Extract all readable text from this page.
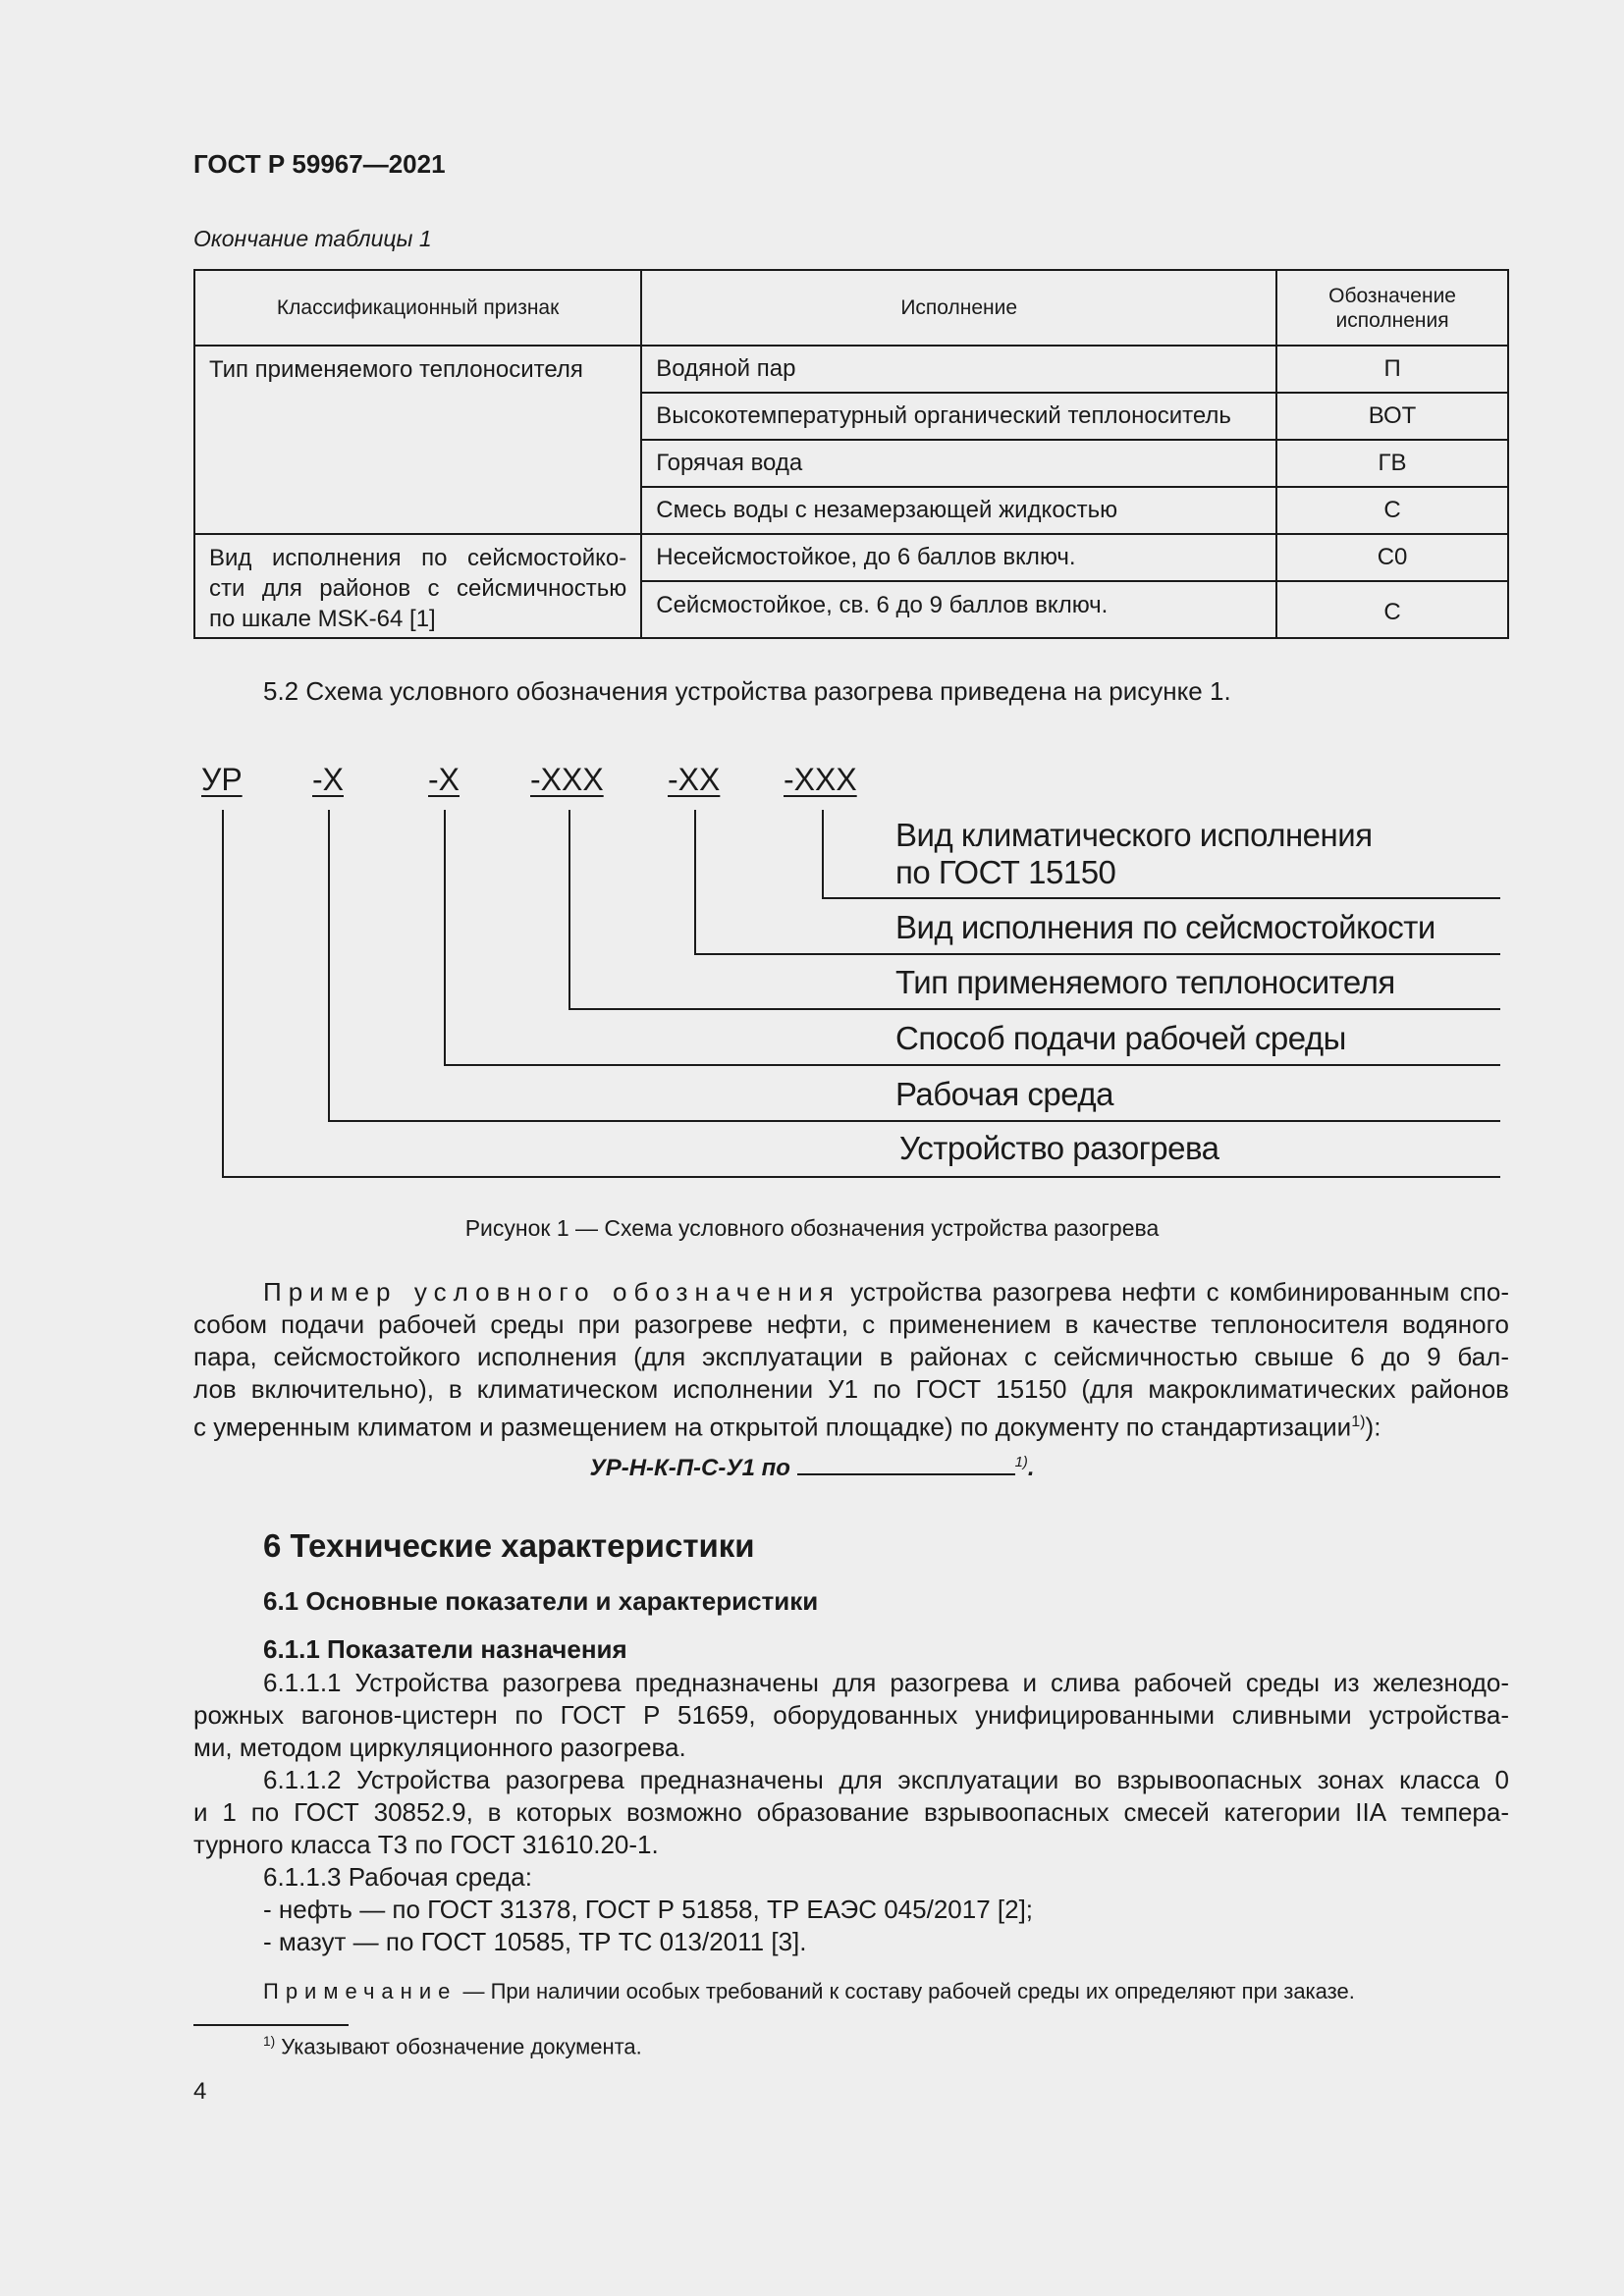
ГОСТ Р 59967—2021
Окончание таблицы 1
Классификационный признак	Исполнение	Обозначение исполнения
Тип применяемого теплоносителя	Водяной пар	П
	Высокотемпературный органический теплоноситель	ВОТ
	Горячая вода	ГВ
	Смесь воды с незамерзающей жидкостью	С

Вид исполнения по сейсмостойко-
сти для районов с сейсмичностью
по шкале MSK-64 [1]	Несейсмостойкое, до 6 баллов включ.	С0
	Сейсмостойкое, св. 6 до 9 баллов включ.	С
5.2 Схема условного обозначения устройства разогрева приведена на рисунке 1.
УР -Х	-Х -ХХХ -ХХ -ХХХ
Вид климатического исполнения
по ГОСТ 15150
Вид исполнения по сейсмостойкости
Тип применяемого теплоносителя
Способ подачи рабочей среды
Рабочая среда
Устройство разогрева
Рисунок 1 — Схема условного обозначения устройства разогрева
Пример условного обозначения устройства разогрева нефти с комбинированным спо-
собом подачи рабочей среды при разогреве нефти, с применением в качестве теплоносителя водяного
пара, сейсмостойкого исполнения (для эксплуатации в районах с сейсмичностью свыше 6 до 9 бал-
лов включительно), в климатическом исполнении У1 по ГОСТ 15150 (для макроклиматических районов
с умеренным климатом и размещением на открытой площадке) по документу по стандартизации$^{1)}$):
УР-Н-К-П-С-У1 по	$^{1)}$.
6 Технические характеристики
6.1 Основные показатели и характеристики
6.1.1 Показатели назначения
6.1.1.1 Устройства разогрева предназначены для разогрева и слива рабочей среды из железнодо-
рожных вагонов-цистерн по ГОСТ Р 51659, оборудованных унифицированными сливными устройства-
ми, методом циркуляционного разогрева.
6.1.1.2 Устройства разогрева предназначены для эксплуатации во взрывоопасных зонах класса 0
и 1 по ГОСТ 30852.9, в которых возможно образование взрывоопасных смесей категории IIА темпера-
турного класса Т3 по ГОСТ 31610.20-1.
6.1.1.3 Рабочая среда:
- нефть — по ГОСТ 31378, ГОСТ Р 51858, ТР ЕАЭС 045/2017 [2];
- мазут — по ГОСТ 10585, ТР ТС 013/2011 [3].
Примечание — При наличии особых требований к составу рабочей среды их определяют при заказе.
$^{1)}$ Указывают обозначение документа.
4
